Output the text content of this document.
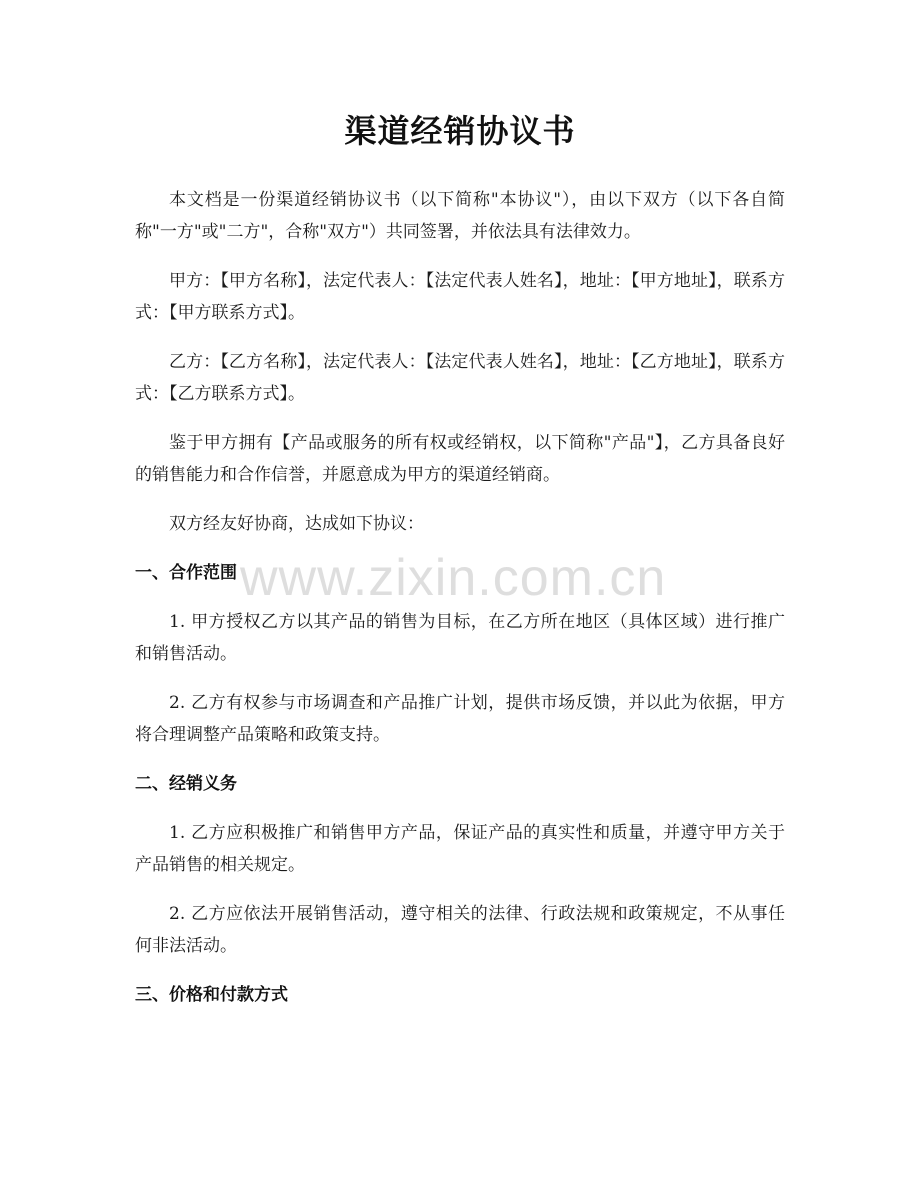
渠道经销协议书

本文档是一份渠道经销协议书（以下简称"本协议"），由以下双方（以下各自简称"一方"或"二方"，合称"双方"）共同签署，并依法具有法律效力。

甲方：【甲方名称】，法定代表人：【法定代表人姓名】，地址：【甲方地址】，联系方式：【甲方联系方式】。

乙方：【乙方名称】，法定代表人：【法定代表人姓名】，地址：【乙方地址】，联系方式：【乙方联系方式】。

鉴于甲方拥有【产品或服务的所有权或经销权，以下简称"产品"】，乙方具备良好的销售能力和合作信誉，并愿意成为甲方的渠道经销商。

双方经友好协商，达成如下协议：

一、合作范围

1. 甲方授权乙方以其产品的销售为目标，在乙方所在地区（具体区域）进行推广和销售活动。

2. 乙方有权参与市场调查和产品推广计划，提供市场反馈，并以此为依据，甲方将合理调整产品策略和政策支持。

二、经销义务

1. 乙方应积极推广和销售甲方产品，保证产品的真实性和质量，并遵守甲方关于产品销售的相关规定。

2. 乙方应依法开展销售活动，遵守相关的法律、行政法规和政策规定，不从事任何非法活动。

三、价格和付款方式
www.zixin.com.cn
